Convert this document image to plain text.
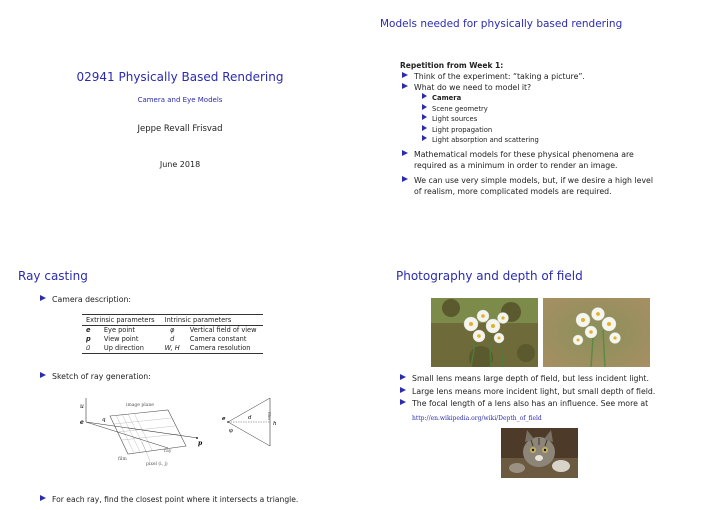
02941 Physically Based Rendering
Camera and Eye Models
Jeppe Revall Frisvad
June 2018
Models needed for physically based rendering
Repetition from Week 1:
Think of the experiment: “taking a picture”.
What do we need to model it?
Camera
Scene geometry
Light sources
Light propagation
Light absorption and scattering
Mathematical models for these physical phenomena are
required as a minimum in order to render an image.
We can use very simple models, but, if we desire a high level
of realism, more complicated models are required.
Ray casting
Camera description:
Extrinsic parameters		Intrinsic parameters	
e	Eye point	φ	Vertical field of view
p	View point	d	Camera constant
ū	Up direction	W, H	Camera resolution
Sketch of ray generation:
image plane
u
e	q
p
ray
film
pixel (i, j)
e	d
h
φ
film
For each ray, find the closest point where it intersects a triangle.
Photography and depth of field
Small lens means large depth of field, but less incident light.
Large lens means more incident light, but small depth of field.
The focal length of a lens also has an influence. See more at
http://en.wikipedia.org/wiki/Depth_of_field
